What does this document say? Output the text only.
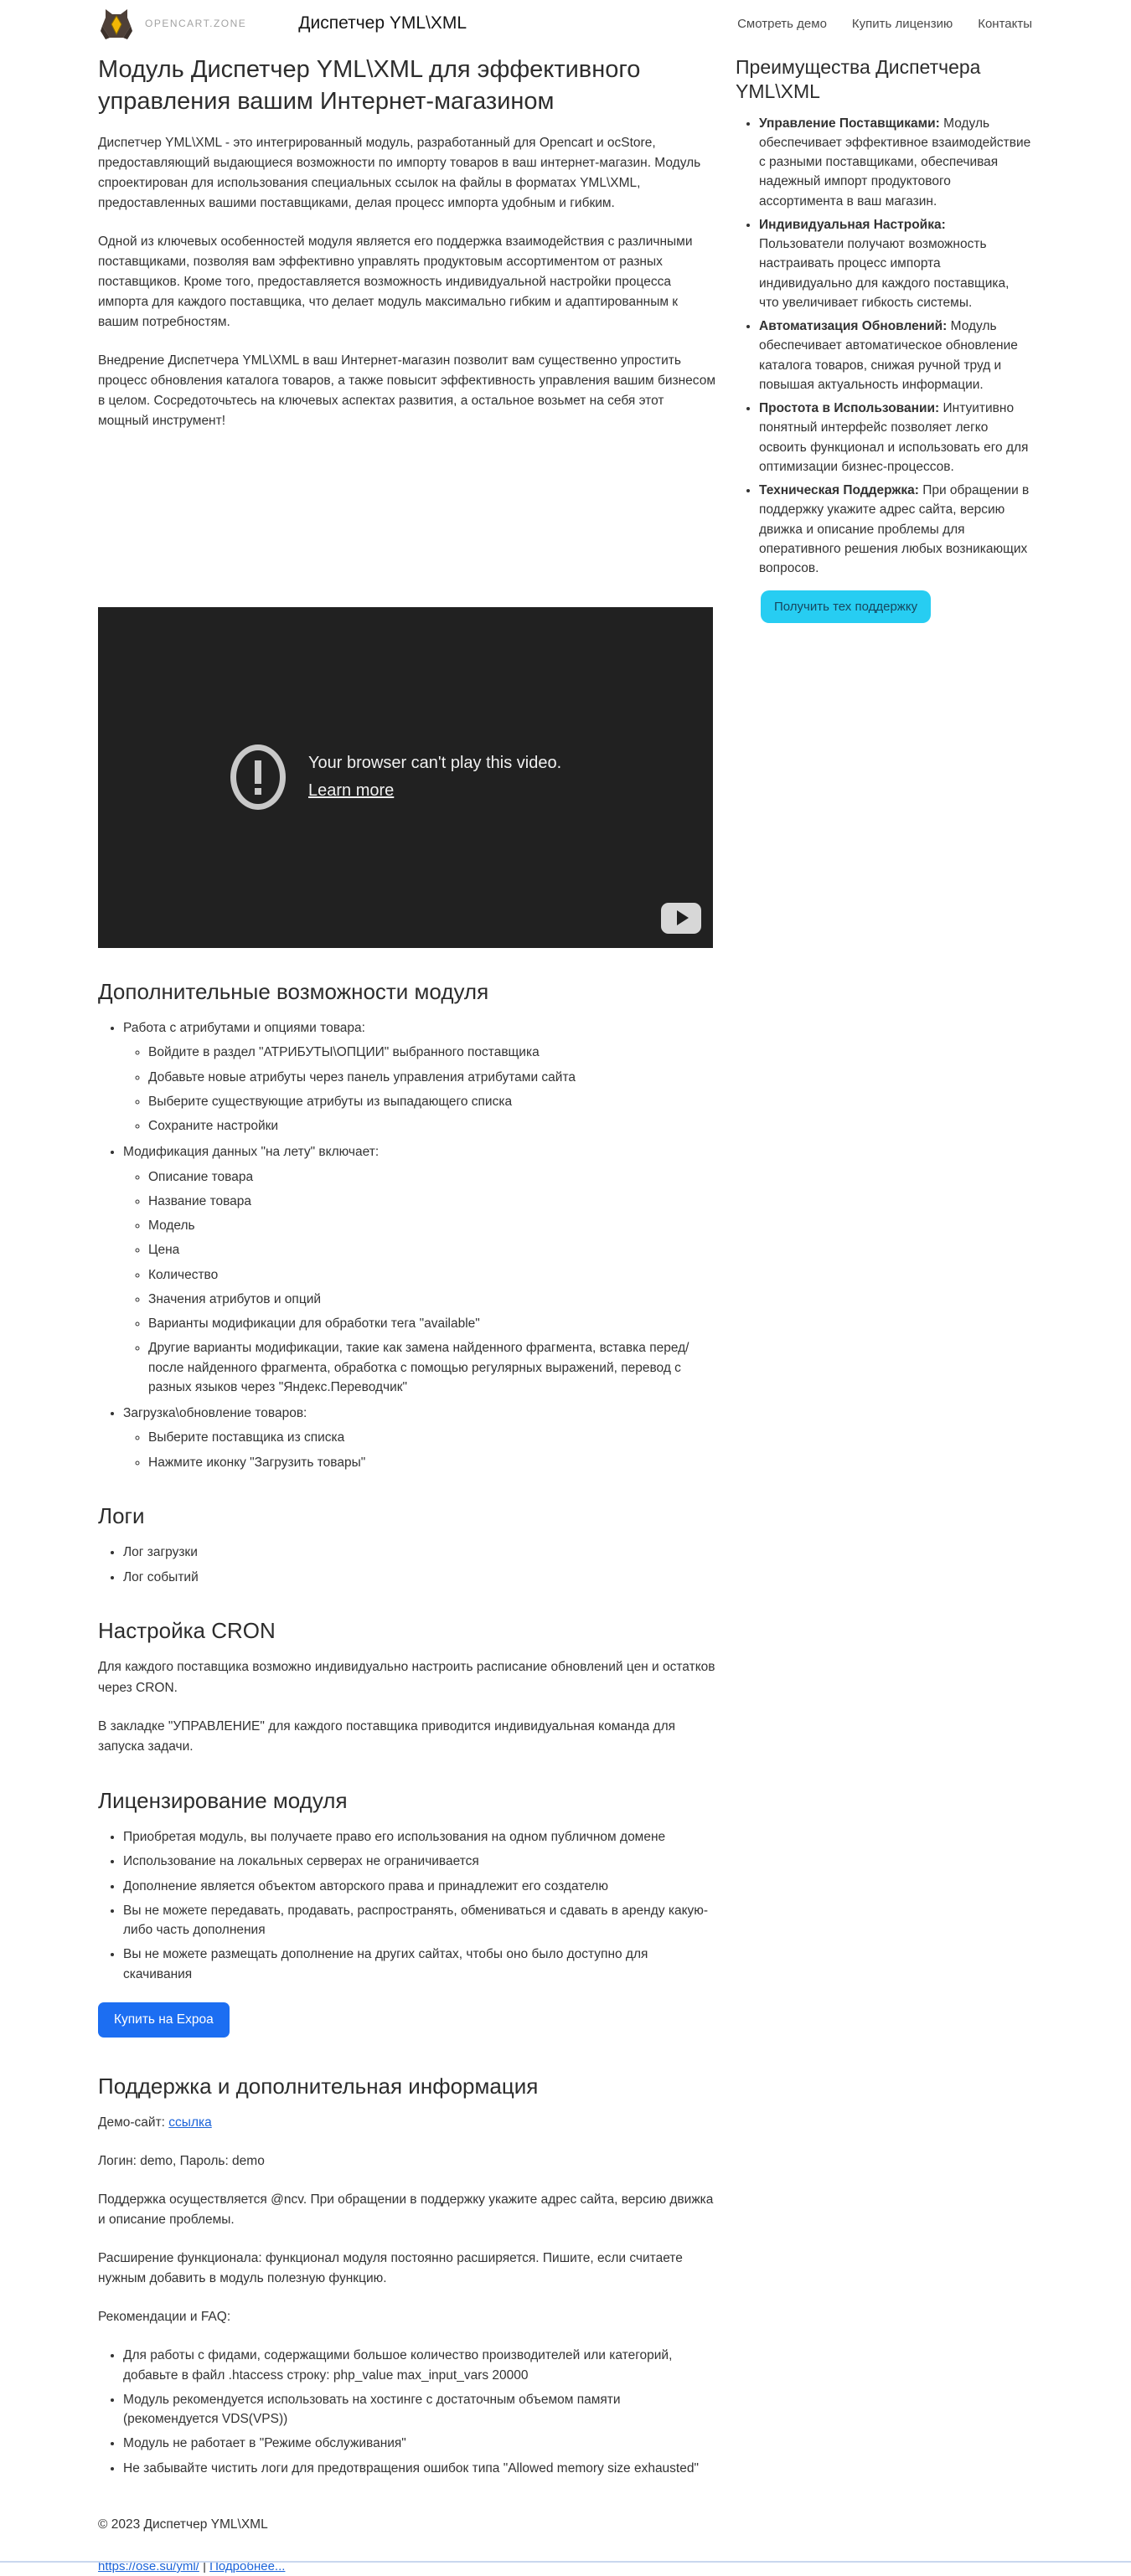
OPENCART.ZONE	Диспетчер YML\XML	Смотреть демо Купить лицензию Контакты
Модуль Диспетчер YML\XML для эффективного управления вашим Интернет-магазином

Диспетчер YML\XML - это интегрированный модуль, разработанный для Opencart и ocStore, предоставляющий выдающиеся возможности по импорту товаров в ваш интернет-магазин. Модуль спроектирован для использования специальных ссылок на файлы в форматах YML\XML, предоставленных вашими поставщиками, делая процесс импорта удобным и гибким.

Одной из ключевых особенностей модуля является его поддержка взаимодействия с различными поставщиками, позволяя вам эффективно управлять продуктовым ассортиментом от разных поставщиков. Кроме того, предоставляется возможность индивидуальной настройки процесса импорта для каждого поставщика, что делает модуль максимально гибким и адаптированным к вашим потребностям.

Внедрение Диспетчера YML\XML в ваш Интернет-магазин позволит вам существенно упростить процесс обновления каталога товаров, а также повысит эффективность управления вашим бизнесом в целом. Сосредоточьтесь на ключевых аспектах развития, а остальное возьмет на себя этот мощный инструмент!

Your browser can't play this video.
Learn more
Дополнительные возможности модуля
• Работа с атрибутами и опциями товара:
◦ Войдите в раздел "АТРИБУТЫ\ОПЦИИ" выбранного поставщика
◦ Добавьте новые атрибуты через панель управления атрибутами сайта
◦ Выберите существующие атрибуты из выпадающего списка
◦ Сохраните настройки
• Модификация данных "на лету" включает:
◦ Описание товара
◦ Название товара
◦ Модель
◦ Цена
◦ Количество
◦ Значения атрибутов и опций
◦ Варианты модификации для обработки тега "available"
◦ Другие варианты модификации, такие как замена найденного фрагмента, вставка перед/ после найденного фрагмента, обработка с помощью регулярных выражений, перевод с разных языков через "Яндекс.Переводчик"
• Загрузка\обновление товаров:
◦ Выберите поставщика из списка
◦ Нажмите иконку "Загрузить товары"
Логи
• Лог загрузки
• Лог событий
Настройка CRON

Для каждого поставщика возможно индивидуально настроить расписание обновлений цен и остатков через CRON.

В закладке "УПРАВЛЕНИЕ" для каждого поставщика приводится индивидуальная команда для запуска задачи.

Лицензирование модуля
• Приобретая модуль, вы получаете право его использования на одном публичном домене
• Использование на локальных серверах не ограничивается
• Дополнение является объектом авторского права и принадлежит его создателю
• Вы не можете передавать, продавать, распространять, обмениваться и сдавать в аренду какую-либо часть дополнения
• Вы не можете размещать дополнение на других сайтах, чтобы оно было доступно для скачивания
Купить на Expoa
Поддержка и дополнительная информация

Демо-сайт: ссылка

Логин: demo, Пароль: demo

Поддержка осуществляется @ncv. При обращении в поддержку укажите адрес сайта, версию движка и описание проблемы.

Расширение функционала: функционал модуля постоянно расширяется. Пишите, если считаете нужным добавить в модуль полезную функцию.

Рекомендации и FAQ:

• Для работы с фидами, содержащими большое количество производителей или категорий, добавьте в файл .htaccess строку: php_value max_input_vars 20000
• Модуль рекомендуется использовать на хостинге с достаточным объемом памяти (рекомендуется VDS(VPS))
• Модуль не работает в "Режиме обслуживания"
• Не забывайте чистить логи для предотвращения ошибок типа "Allowed memory size exhausted"

© 2023 Диспетчер YML\XML

https://ose.su/yml/ | Подробнее...

Преимущества Диспетчера YML\XML
• Управление Поставщиками: Модуль обеспечивает эффективное взаимодействие с разными поставщиками, обеспечивая надежный импорт продуктового ассортимента в ваш магазин.
• Индивидуальная Настройка: Пользователи получают возможность настраивать процесс импорта индивидуально для каждого поставщика, что увеличивает гибкость системы.
• Автоматизация Обновлений: Модуль обеспечивает автоматическое обновление каталога товаров, снижая ручной труд и повышая актуальность информации.
• Простота в Использовании: Интуитивно понятный интерфейс позволяет легко освоить функционал и использовать его для оптимизации бизнес-процессов.
• Техническая Поддержка: При обращении в поддержку укажите адрес сайта, версию движка и описание проблемы для оперативного решения любых возникающих вопросов.
Получить тех поддержку
